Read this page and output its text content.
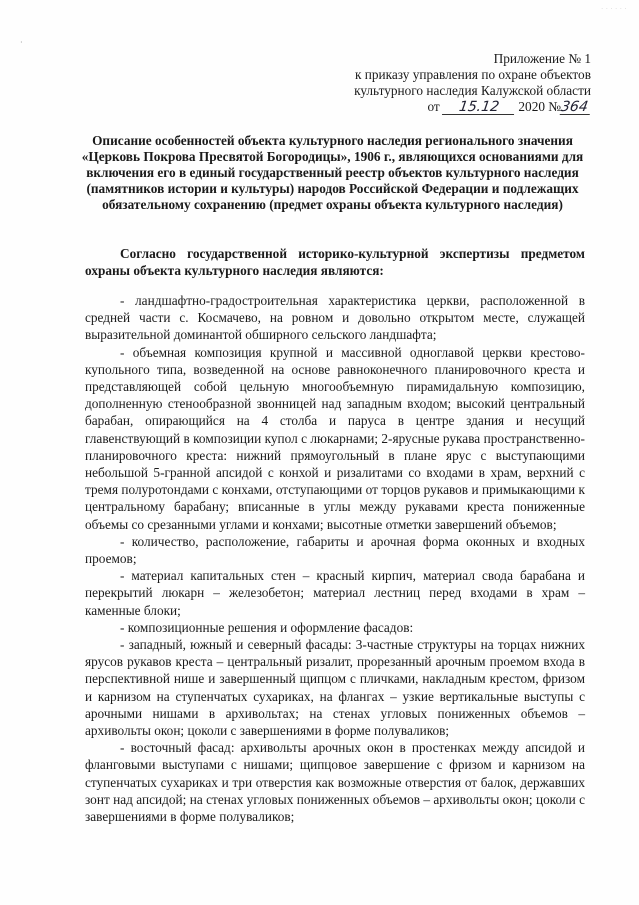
· · · · · ·
·
Приложение № 1
к приказу управления по охране объектов
культурного наследия Калужской области
от 15.12 2020 №364
Описание особенностей объекта культурного наследия регионального значения «Церковь Покрова Пресвятой Богородицы», 1906 г., являющихся основаниями для включения его в единый государственный реестр объектов культурного наследия (памятников истории и культуры) народов Российской Федерации и подлежащих обязательному сохранению (предмет охраны объекта культурного наследия)
Согласно государственной историко-культурной экспертизы предметом охраны объекта культурного наследия являются:

- ландшафтно-градостроительная характеристика церкви, расположенной в средней части с. Космачево, на ровном и довольно открытом месте, служащей выразительной доминантой обширного сельского ландшафта;

- объемная композиция крупной и массивной одноглавой церкви крестово-купольного типа, возведенной на основе равноконечного планировочного креста и представляющей собой цельную многообъемную пирамидальную композицию, дополненную стенообразной звонницей над западным входом; высокий центральный барабан, опирающийся на 4 столба и паруса в центре здания и несущий главенствующий в композиции купол с люкарнами; 2-ярусные рукава пространственно-планировочного креста: нижний прямоугольный в плане ярус с выступающими небольшой 5-гранной апсидой с конхой и ризалитами со входами в храм, верхний с тремя полуротондами с конхами, отступающими от торцов рукавов и примыкающими к центральному барабану; вписанные в углы между рукавами креста пониженные объемы со срезанными углами и конхами; высотные отметки завершений объемов;

- количество, расположение, габариты и арочная форма оконных и входных проемов;

- материал капитальных стен – красный кирпич, материал свода барабана и перекрытий люкарн – железобетон; материал лестниц перед входами в храм – каменные блоки;

- композиционные решения и оформление фасадов:

- западный, южный и северный фасады: 3-частные структуры на торцах нижних ярусов рукавов креста – центральный ризалит, прорезанный арочным проемом входа в перспективной нише и завершенный щипцом с пличками, накладным крестом, фризом и карнизом на ступенчатых сухариках, на флангах – узкие вертикальные выступы с арочными нишами в архивольтах; на стенах угловых пониженных объемов – архивольты окон; цоколи с завершениями в форме полуваликов;

- восточный фасад: архивольты арочных окон в простенках между апсидой и фланговыми выступами с нишами; щипцовое завершение с фризом и карнизом на ступенчатых сухариках и три отверстия как возможные отверстия от балок, державших зонт над апсидой; на стенах угловых пониженных объемов – архивольты окон; цоколи с завершениями в форме полуваликов;
